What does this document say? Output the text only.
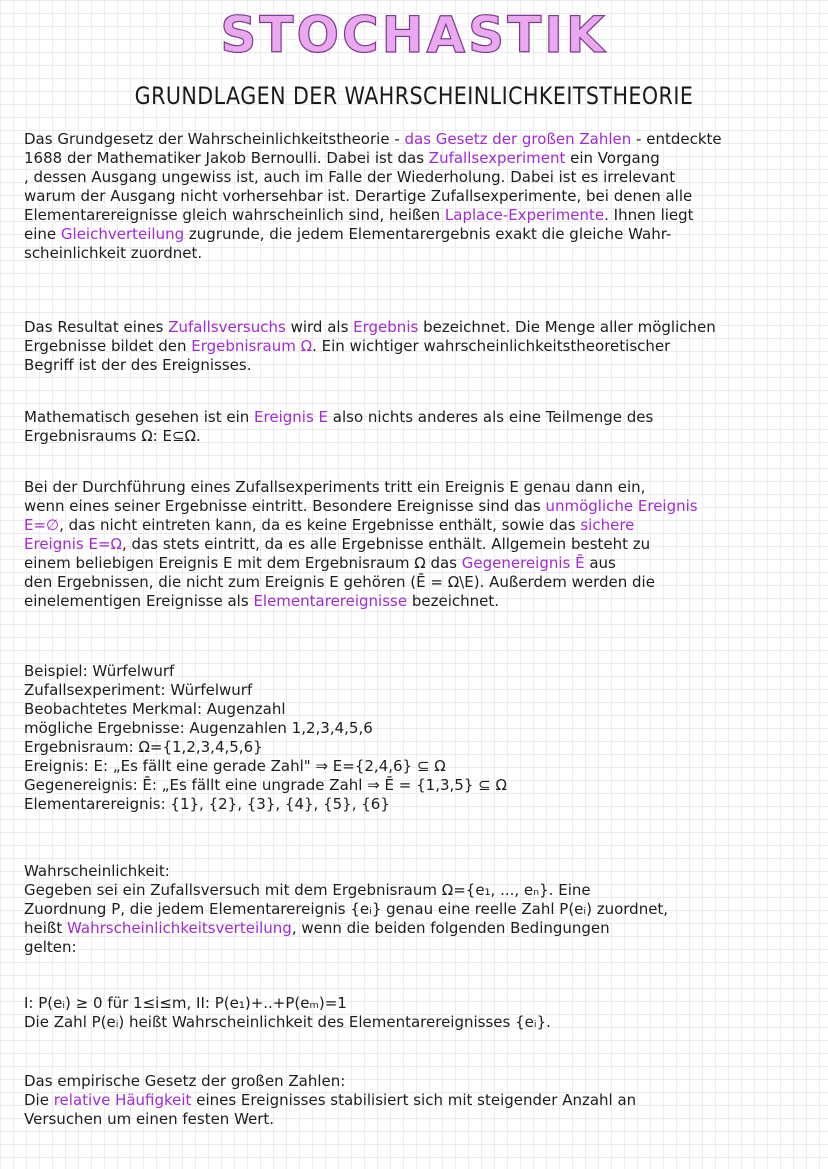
STOCHASTIK
GRUNDLAGEN DER WAHRSCHEINLICHKEITSTHEORIE
Das Grundgesetz der Wahrscheinlichkeitstheorie - das Gesetz der großen Zahlen - entdeckte
1688 der Mathematiker Jakob Bernoulli. Dabei ist das Zufallsexperiment ein Vorgang
, dessen Ausgang ungewiss ist, auch im Falle der Wiederholung. Dabei ist es irrelevant
warum der Ausgang nicht vorhersehbar ist. Derartige Zufallsexperimente, bei denen alle
Elementarereignisse gleich wahrscheinlich sind, heißen Laplace-Experimente. Ihnen liegt
eine Gleichverteilung zugrunde, die jedem Elementarergebnis exakt die gleiche Wahr-
scheinlichkeit zuordnet.
Das Resultat eines Zufallsversuchs wird als Ergebnis bezeichnet. Die Menge aller möglichen
Ergebnisse bildet den Ergebnisraum Ω. Ein wichtiger wahrscheinlichkeitstheoretischer
Begriff ist der des Ereignisses.
Mathematisch gesehen ist ein Ereignis E also nichts anderes als eine Teilmenge des
Ergebnisraums Ω: E⊆Ω.
Bei der Durchführung eines Zufallsexperiments tritt ein Ereignis E genau dann ein,
wenn eines seiner Ergebnisse eintritt. Besondere Ereignisse sind das unmögliche Ereignis
E=∅, das nicht eintreten kann, da es keine Ergebnisse enthält, sowie das sichere
Ereignis E=Ω, das stets eintritt, da es alle Ergebnisse enthält. Allgemein besteht zu
einem beliebigen Ereignis E mit dem Ergebnisraum Ω das Gegenereignis Ē aus
den Ergebnissen, die nicht zum Ereignis E gehören (Ē = Ω\E). Außerdem werden die
einelementigen Ereignisse als Elementarereignisse bezeichnet.
Beispiel: Würfelwurf
Zufallsexperiment: Würfelwurf
Beobachtetes Merkmal: Augenzahl
mögliche Ergebnisse: Augenzahlen 1,2,3,4,5,6
Ergebnisraum: Ω={1,2,3,4,5,6}
Ereignis: E: „Es fällt eine gerade Zahl" ⇒ E={2,4,6} ⊆ Ω
Gegenereignis: Ē: „Es fällt eine ungrade Zahl ⇒ Ē = {1,3,5} ⊆ Ω
Elementarereignis: {1}, {2}, {3}, {4}, {5}, {6}
Wahrscheinlichkeit:
Gegeben sei ein Zufallsversuch mit dem Ergebnisraum Ω={e₁, ..., eₙ}. Eine
Zuordnung P, die jedem Elementarereignis {eᵢ} genau eine reelle Zahl P(eᵢ) zuordnet,
heißt Wahrscheinlichkeitsverteilung, wenn die beiden folgenden Bedingungen
gelten:
I: P(eᵢ) ≥ 0 für 1≤i≤m, II: P(e₁)+..+P(eₘ)=1
Die Zahl P(eᵢ) heißt Wahrscheinlichkeit des Elementarereignisses {eᵢ}.
Das empirische Gesetz der großen Zahlen:
Die relative Häufigkeit eines Ereignisses stabilisiert sich mit steigender Anzahl an
Versuchen um einen festen Wert.
